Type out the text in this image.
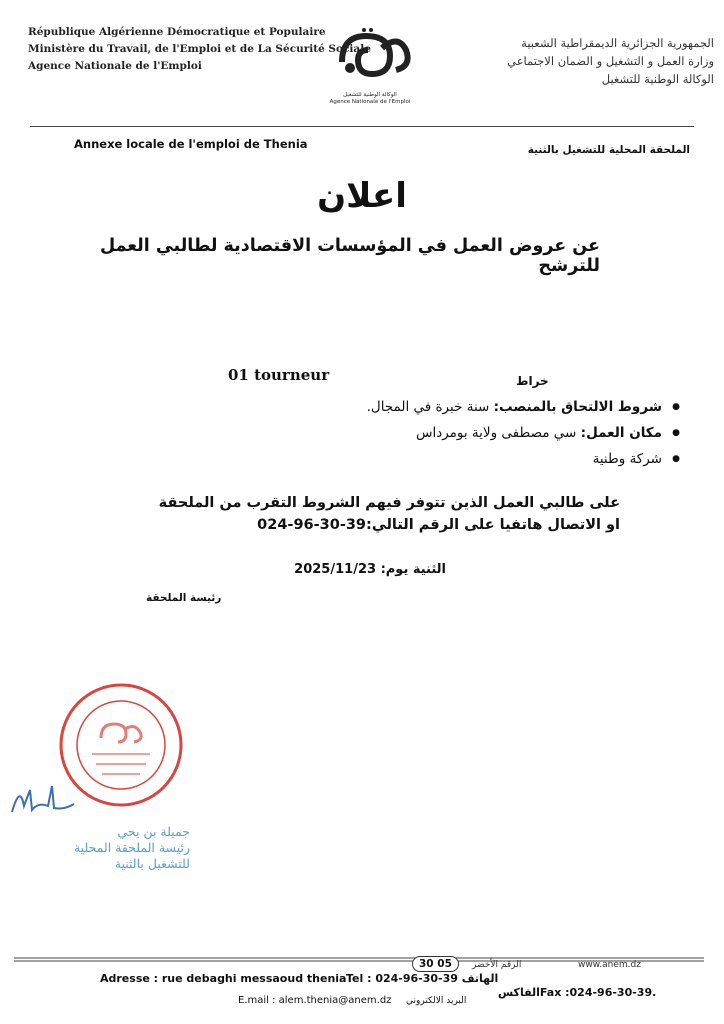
République Algérienne Démocratique et Populaire
Ministère du Travail, de l'Emploi et de La Sécurité Sociale
Agence Nationale de l'Emploi
الجمهورية الجزائرية الديمقراطية الشعبية
وزارة العمل و التشغيل و الضمان الاجتماعي
الوكالة الوطنية للتشغيل
الوكالة الوطنية للتشغيل
Agence Nationale de l'Emploi
Annexe locale de l'emploi de Thenia	الملحقة المحلية للتشغيل بالثنية
اعلان
عن عروض العمل في المؤسسات الاقتصادية لطالبي العمل للترشح
01 tourneur	خراط
● شروط الالتحاق بالمنصب: سنة خبرة في المجال.
● مكان العمل: سي مصطفى ولاية بومرداس
● شركة وطنية
على طالبي العمل الذين تتوفر فيهم الشروط التقرب من الملحقة او الاتصال هاتفيا على الرقم التالي:024-96-30-39
الثنية يوم: 2025/11/23
رئيسة الملحقة
جميلة بن يحي
رئيسة الملحقة المحلية
للتشغيل بالثنية
30 05	الرقم الأخضر	www.anem.dz
Adresse : rue debaghi messaoud thenia Tel : 024-96-30-39 الهاتف
.Fax :024-96-30-39الفاكس
E.mail : alem.thenia@anem.dz البريد الالكتروني
